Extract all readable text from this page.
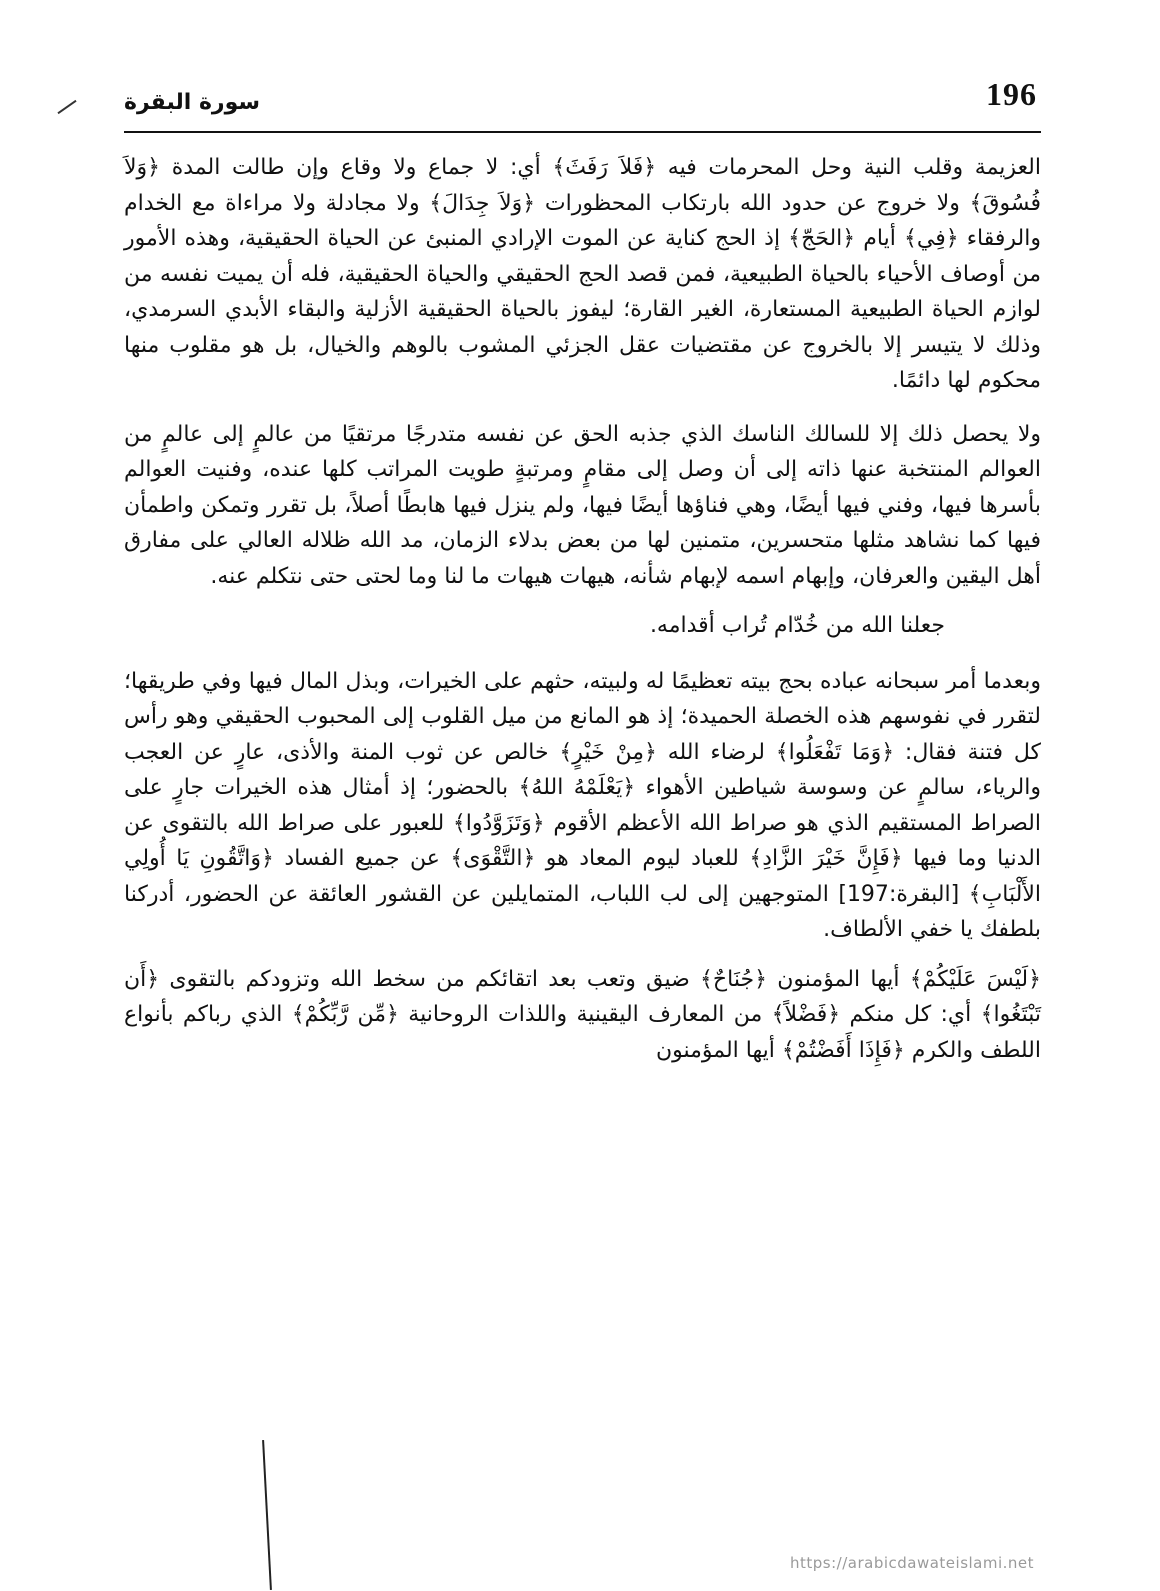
196
سورة البقرة

العزيمة وقلب النية وحل المحرمات فيه ﴿فَلاَ رَفَثَ﴾ أي: لا جماع ولا وقاع وإن طالت المدة ﴿وَلاَ فُسُوقَ﴾ ولا خروج عن حدود الله بارتكاب المحظورات ﴿وَلاَ جِدَالَ﴾ ولا مجادلة ولا مراءاة مع الخدام والرفقاء ﴿فِي﴾ أيام ﴿الحَجّ﴾ إذ الحج كناية عن الموت الإرادي المنبئ عن الحياة الحقيقية، وهذه الأمور من أوصاف الأحياء بالحياة الطبيعية، فمن قصد الحج الحقيقي والحياة الحقيقية، فله أن يميت نفسه من لوازم الحياة الطبيعية المستعارة، الغير القارة؛ ليفوز بالحياة الحقيقية الأزلية والبقاء الأبدي السرمدي، وذلك لا يتيسر إلا بالخروج عن مقتضيات عقل الجزئي المشوب بالوهم والخيال، بل هو مقلوب منها محكوم لها دائمًا.

ولا يحصل ذلك إلا للسالك الناسك الذي جذبه الحق عن نفسه متدرجًا مرتقيًا من عالمٍ إلى عالمٍ من العوالم المنتخبة عنها ذاته إلى أن وصل إلى مقامٍ ومرتبةٍ طويت المراتب كلها عنده، وفنيت العوالم بأسرها فيها، وفني فيها أيضًا، وهي فناؤها أيضًا فيها، ولم ينزل فيها هابطًا أصلاً، بل تقرر وتمكن واطمأن فيها كما نشاهد مثلها متحسرين، متمنين لها من بعض بدلاء الزمان، مد الله ظلاله العالي على مفارق أهل اليقين والعرفان، وإبهام اسمه لإبهام شأنه، هيهات هيهات ما لنا وما لحتى حتى نتكلم عنه.

جعلنا الله من خُدّام تُراب أقدامه.

وبعدما أمر سبحانه عباده بحج بيته تعظيمًا له ولبيته، حثهم على الخيرات، وبذل المال فيها وفي طريقها؛ لتقرر في نفوسهم هذه الخصلة الحميدة؛ إذ هو المانع من ميل القلوب إلى المحبوب الحقيقي وهو رأس كل فتنة فقال: ﴿وَمَا تَفْعَلُوا﴾ لرضاء الله ﴿مِنْ خَيْرٍ﴾ خالص عن ثوب المنة والأذى، عارٍ عن العجب والرياء، سالمٍ عن وسوسة شياطين الأهواء ﴿يَعْلَمْهُ اللهُ﴾ بالحضور؛ إذ أمثال هذه الخيرات جارٍ على الصراط المستقيم الذي هو صراط الله الأعظم الأقوم ﴿وَتَزَوَّدُوا﴾ للعبور على صراط الله بالتقوى عن الدنيا وما فيها ﴿فَإِنَّ خَيْرَ الزَّادِ﴾ للعباد ليوم المعاد هو ﴿التَّقْوَى﴾ عن جميع الفساد ﴿وَاتَّقُونِ يَا أُولِي الأَلْبَابِ﴾ [البقرة:197] المتوجهين إلى لب اللباب، المتمايلين عن القشور العائقة عن الحضور، أدركنا بلطفك يا خفي الألطاف.

﴿لَيْسَ عَلَيْكُمْ﴾ أيها المؤمنون ﴿جُنَاحٌ﴾ ضيق وتعب بعد اتقائكم من سخط الله وتزودكم بالتقوى ﴿أَن تَبْتَغُوا﴾ أي: كل منكم ﴿فَضْلاً﴾ من المعارف اليقينية واللذات الروحانية ﴿مِّن رَّبِّكُمْ﴾ الذي رباكم بأنواع اللطف والكرم ﴿فَإِذَا أَفَضْتُمْ﴾ أيها المؤمنون

https://arabicdawateislami.net
